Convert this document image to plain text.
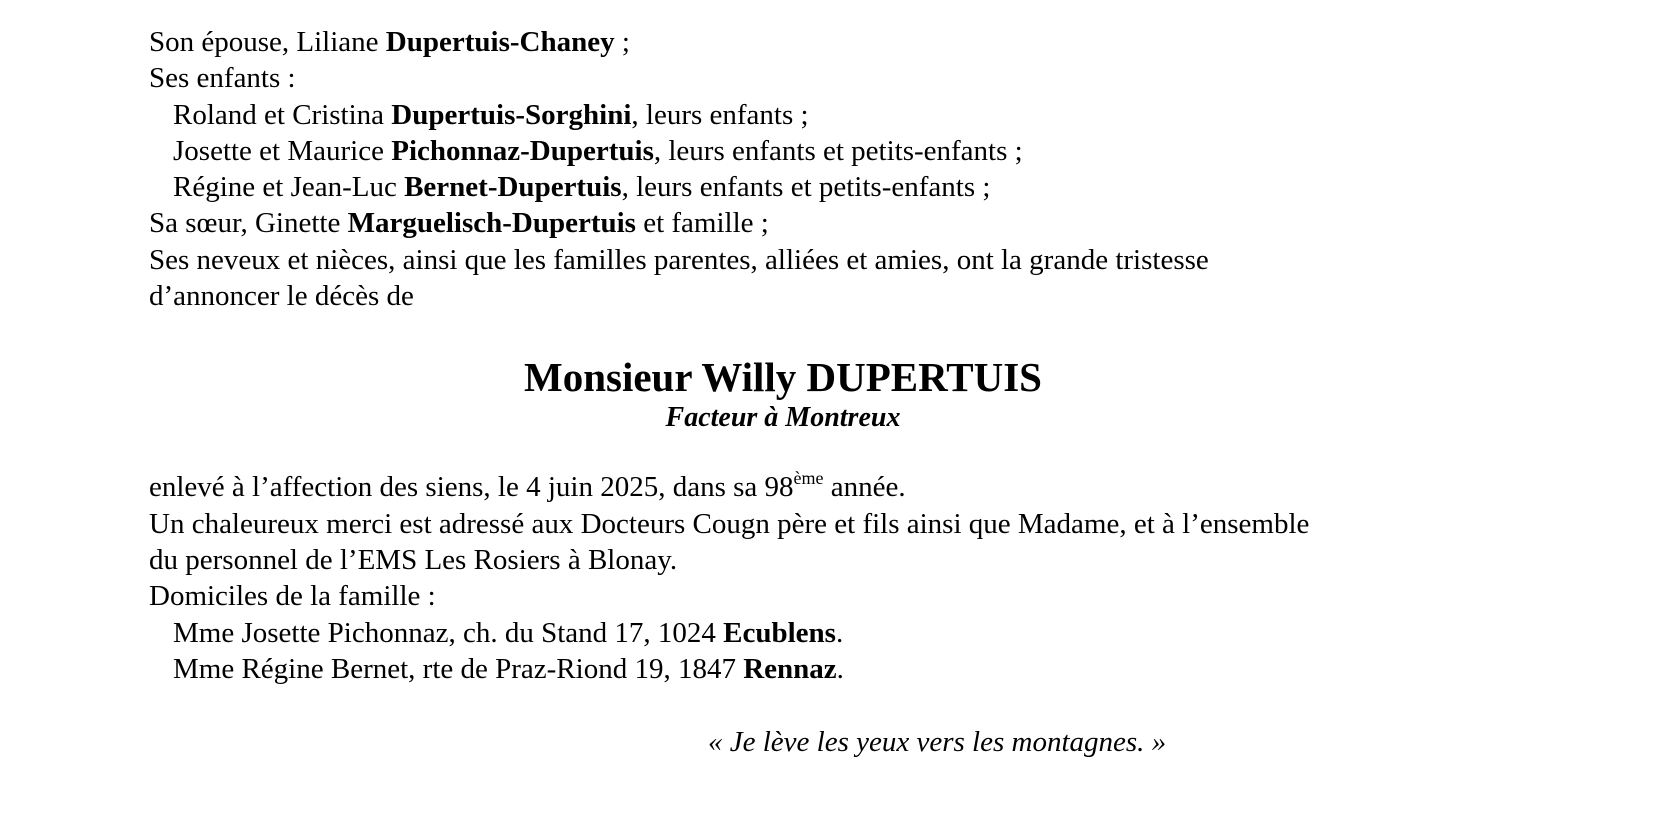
Son épouse, Liliane Dupertuis-Chaney ;
Ses enfants :
Roland et Cristina Dupertuis-Sorghini, leurs enfants ;
Josette et Maurice Pichonnaz-Dupertuis, leurs enfants et petits-enfants ;
Régine et Jean-Luc Bernet-Dupertuis, leurs enfants et petits-enfants ;
Sa sœur, Ginette Marguelisch-Dupertuis et famille ;
Ses neveux et nièces, ainsi que les familles parentes, alliées et amies, ont la grande tristesse
d’annoncer le décès de
Monsieur Willy DUPERTUIS
Facteur à Montreux
enlevé à l’affection des siens, le 4 juin 2025, dans sa 98ème année.
Un chaleureux merci est adressé aux Docteurs Cougn père et fils ainsi que Madame, et à l’ensemble
du personnel de l’EMS Les Rosiers à Blonay.
Domiciles de la famille :
Mme Josette Pichonnaz, ch. du Stand 17, 1024 Ecublens.
Mme Régine Bernet, rte de Praz-Riond 19, 1847 Rennaz.
« Je lève les yeux vers les montagnes. »
